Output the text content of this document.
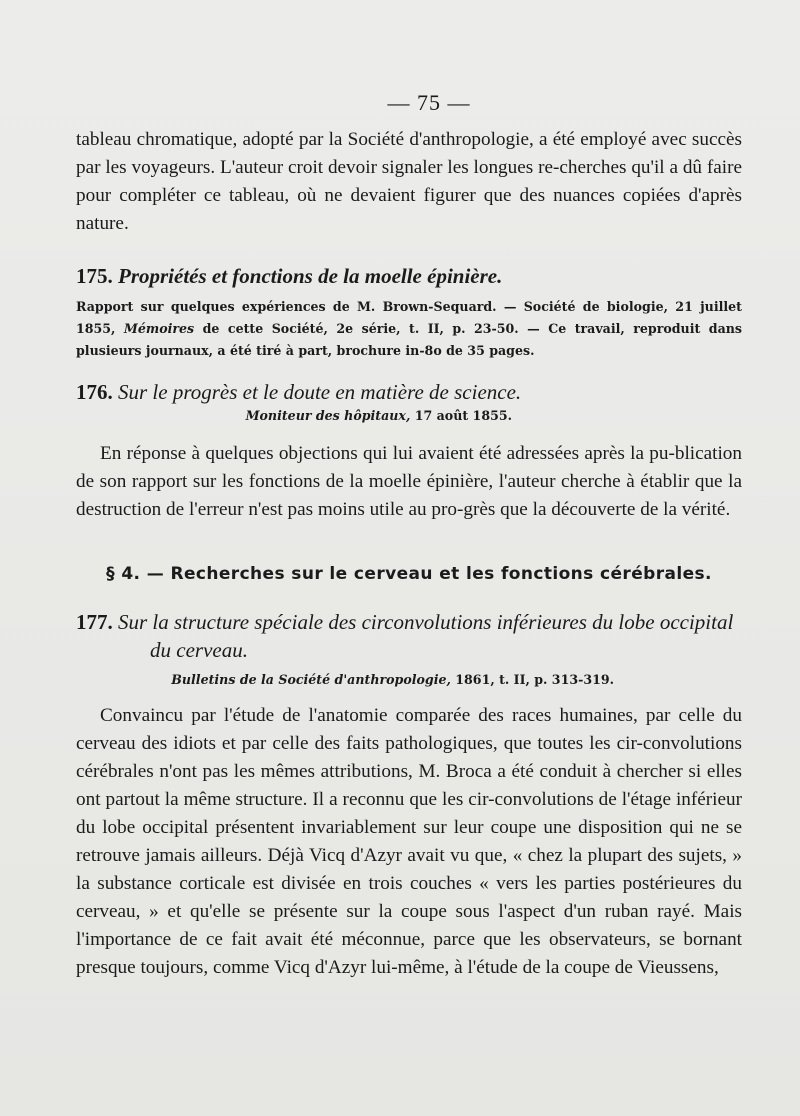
— 75 —

tableau chromatique, adopté par la Société d'anthropologie, a été employé avec succès par les voyageurs. L'auteur croit devoir signaler les longues re-cherches qu'il a dû faire pour compléter ce tableau, où ne devaient figurer que des nuances copiées d'après nature.

175. Propriétés et fonctions de la moelle épinière.

Rapport sur quelques expériences de M. Brown-Sequard. — Société de biologie, 21 juillet 1855, Mémoires de cette Société, 2e série, t. II, p. 23-50. — Ce travail, reproduit dans plusieurs journaux, a été tiré à part, brochure in-8o de 35 pages.

176. Sur le progrès et le doute en matière de science.

Moniteur des hôpitaux, 17 août 1855.

En réponse à quelques objections qui lui avaient été adressées après la pu-blication de son rapport sur les fonctions de la moelle épinière, l'auteur cherche à établir que la destruction de l'erreur n'est pas moins utile au pro-grès que la découverte de la vérité.

§ 4. — Recherches sur le cerveau et les fonctions cérébrales.

177. Sur la structure spéciale des circonvolutions inférieures du lobe occipital du cerveau.

Bulletins de la Société d'anthropologie, 1861, t. II, p. 313-319.

Convaincu par l'étude de l'anatomie comparée des races humaines, par celle du cerveau des idiots et par celle des faits pathologiques, que toutes les cir-convolutions cérébrales n'ont pas les mêmes attributions, M. Broca a été conduit à chercher si elles ont partout la même structure. Il a reconnu que les cir-convolutions de l'étage inférieur du lobe occipital présentent invariablement sur leur coupe une disposition qui ne se retrouve jamais ailleurs. Déjà Vicq d'Azyr avait vu que, « chez la plupart des sujets, » la substance corticale est divisée en trois couches « vers les parties postérieures du cerveau, » et qu'elle se présente sur la coupe sous l'aspect d'un ruban rayé. Mais l'importance de ce fait avait été méconnue, parce que les observateurs, se bornant presque toujours, comme Vicq d'Azyr lui-même, à l'étude de la coupe de Vieussens,
